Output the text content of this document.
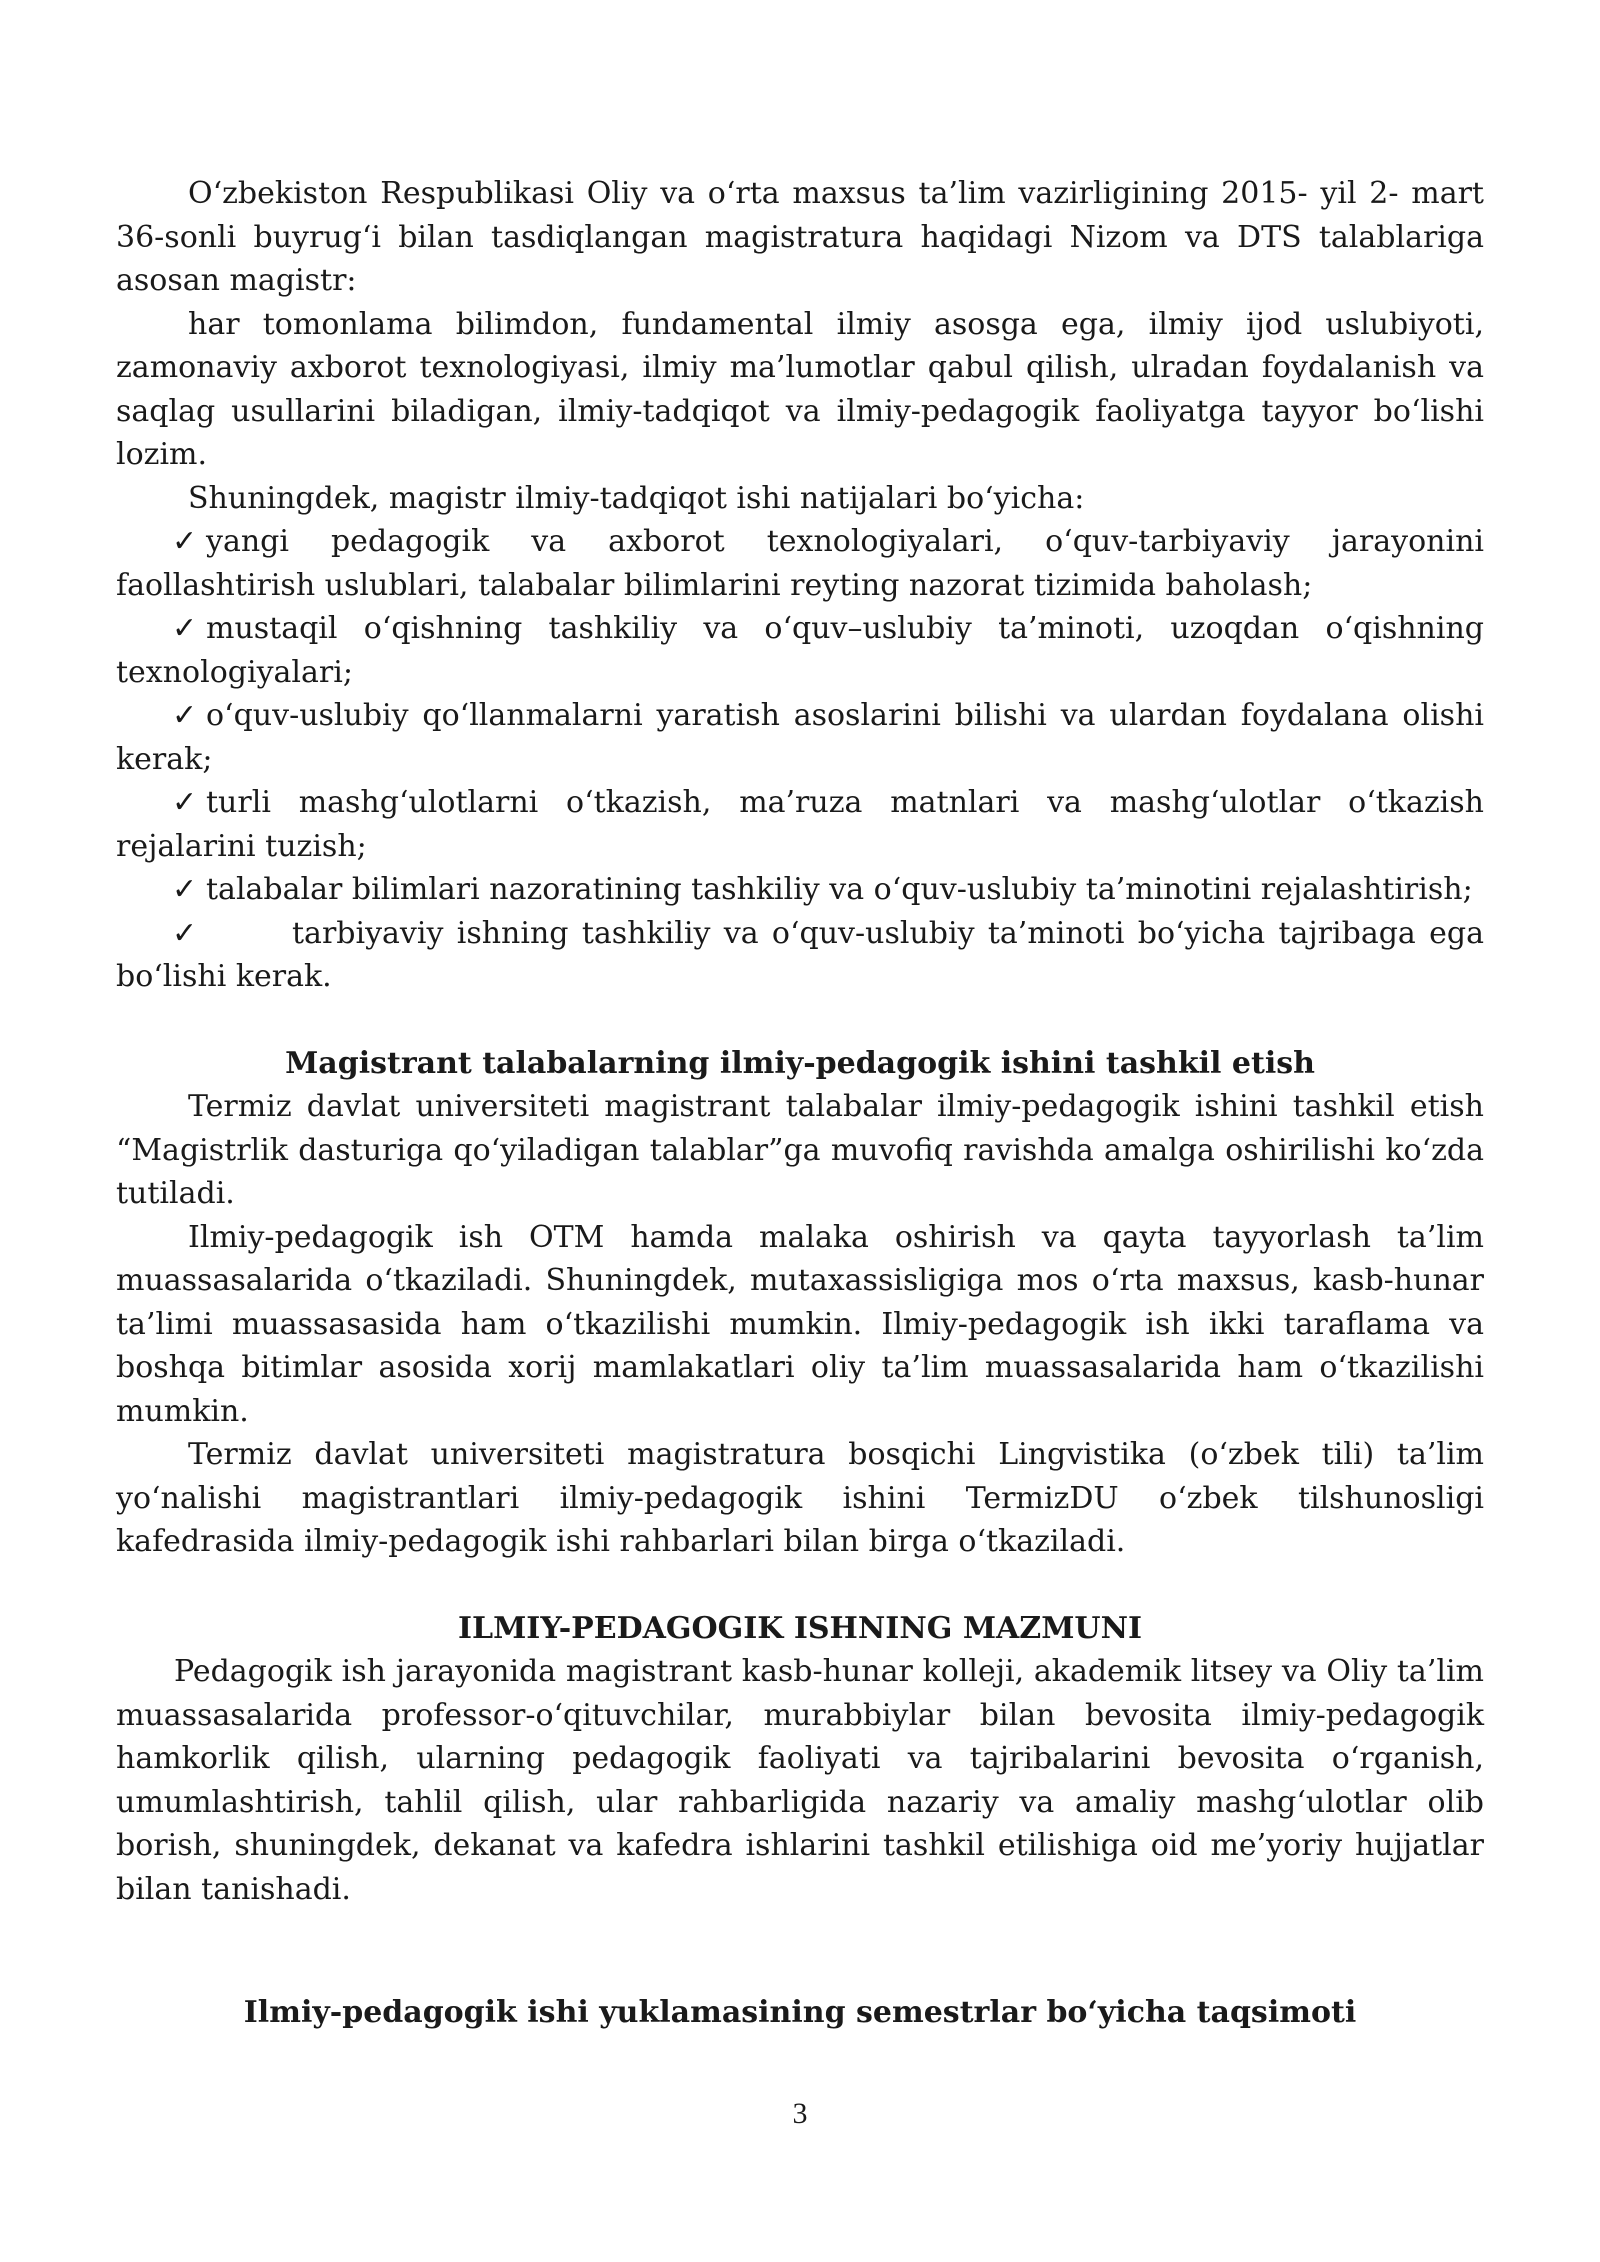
O‘zbekiston Respublikasi Oliy va o‘rta maxsus ta’lim vazirligining 2015- yil 2- mart 36-sonli buyrug‘i bilan tasdiqlangan magistratura haqidagi Nizom va DTS talablariga asosan magistr:

har tomonlama bilimdon, fundamental ilmiy asosga ega, ilmiy ijod uslubiyoti, zamonaviy axborot texnologiyasi, ilmiy ma’lumotlar qabul qilish, ulradan foydalanish va saqlag usullarini biladigan, ilmiy-tadqiqot va ilmiy-pedagogik faoliyatga tayyor bo‘lishi lozim.

Shuningdek, magistr ilmiy-tadqiqot ishi natijalari bo‘yicha:

✓ yangi pedagogik va axborot texnologiyalari, o‘quv-tarbiyaviy jarayonini faollashtirish uslublari, talabalar bilimlarini reyting nazorat tizimida baholash;

✓ mustaqil o‘qishning tashkiliy va o‘quv–uslubiy ta’minoti, uzoqdan o‘qishning texnologiyalari;

✓ o‘quv-uslubiy qo‘llanmalarni yaratish asoslarini bilishi va ulardan foydalana olishi kerak;

✓ turli mashg‘ulotlarni o‘tkazish, ma’ruza matnlari va mashg‘ulotlar o‘tkazish rejalarini tuzish;

✓ talabalar bilimlari nazoratining tashkiliy va o‘quv-uslubiy ta’minotini rejalashtirish;

✓	tarbiyaviy ishning tashkiliy va o‘quv-uslubiy ta’minoti bo‘yicha tajribaga ega bo‘lishi kerak.

Magistrant talabalarning ilmiy-pedagogik ishini tashkil etish

Termiz davlat universiteti magistrant talabalar ilmiy-pedagogik ishini tashkil etish “Magistrlik dasturiga qo‘yiladigan talablar”ga muvofiq ravishda amalga oshirilishi ko‘zda tutiladi.

Ilmiy-pedagogik ish OTM hamda malaka oshirish va qayta tayyorlash ta’lim muassasalarida o‘tkaziladi. Shuningdek, mutaxassisligiga mos o‘rta maxsus, kasb-hunar ta’limi muassasasida ham o‘tkazilishi mumkin. Ilmiy-pedagogik ish ikki taraflama va boshqa bitimlar asosida xorij mamlakatlari oliy ta’lim muassasalarida ham o‘tkazilishi mumkin.

Termiz davlat universiteti magistratura bosqichi Lingvistika (o‘zbek tili) ta’lim yo‘nalishi magistrantlari ilmiy-pedagogik ishini TermizDU o‘zbek tilshunosligi kafedrasida ilmiy-pedagogik ishi rahbarlari bilan birga o‘tkaziladi.

ILMIY-PEDAGOGIK ISHNING MAZMUNI

Pedagogik ish jarayonida magistrant kasb-hunar kolleji, akademik litsey va Oliy ta’lim muassasalarida professor-o‘qituvchilar, murabbiylar bilan bevosita ilmiy-pedagogik hamkorlik qilish, ularning pedagogik faoliyati va tajribalarini bevosita o‘rganish, umumlashtirish, tahlil qilish, ular rahbarligida nazariy va amaliy mashg‘ulotlar olib borish, shuningdek, dekanat va kafedra ishlarini tashkil etilishiga oid me’yoriy hujjatlar bilan tanishadi.

Ilmiy-pedagogik ishi yuklamasining semestrlar bo‘yicha taqsimoti
3
